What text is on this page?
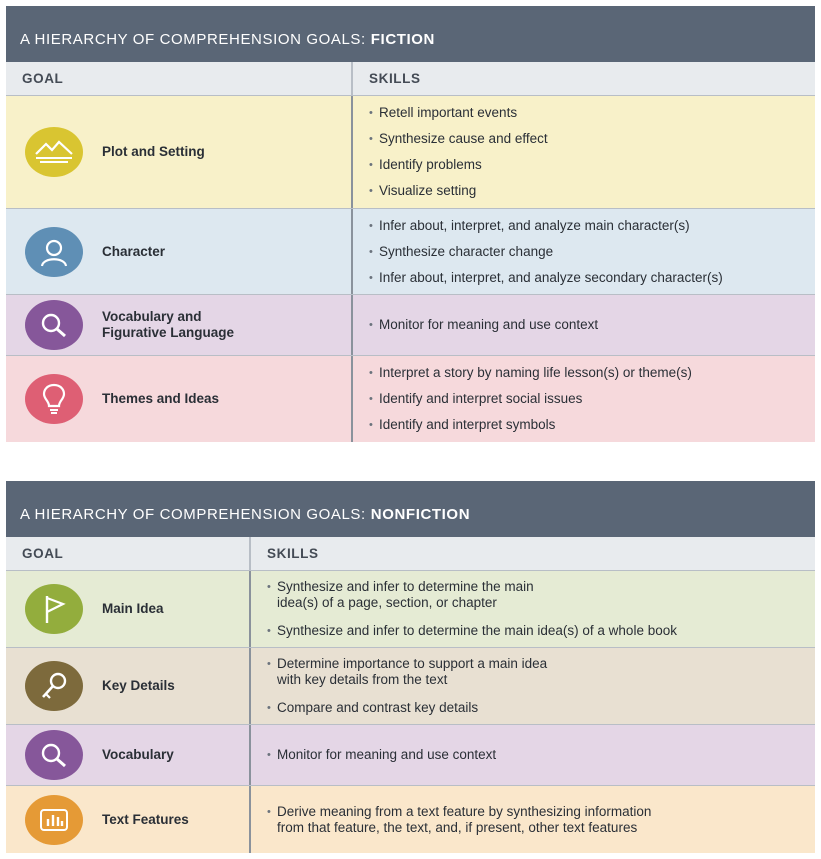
A HIERARCHY OF COMPREHENSION GOALS: FICTION
GOAL	SKILLS
Plot and Setting
• Retell important events
• Synthesize cause and effect
• Identify problems
• Visualize setting
Character
• Infer about, interpret, and analyze main character(s)
• Synthesize character change
• Infer about, interpret, and analyze secondary character(s)
Vocabulary and
Figurative Language
• Monitor for meaning and use context
Themes and Ideas
• Interpret a story by naming life lesson(s) or theme(s)
• Identify and interpret social issues
• Identify and interpret symbols
A HIERARCHY OF COMPREHENSION GOALS: NONFICTION
GOAL	SKILLS
Main Idea
• Synthesize and infer to determine the main
idea(s) of a page, section, or chapter
• Synthesize and infer to determine the main idea(s) of a whole book
Key Details
• Determine importance to support a main idea
with key details from the text
• Compare and contrast key details
Vocabulary
•	Monitor for meaning and use context
Text Features
• Derive meaning from a text feature by synthesizing information
from that feature, the text, and, if present, other text features
